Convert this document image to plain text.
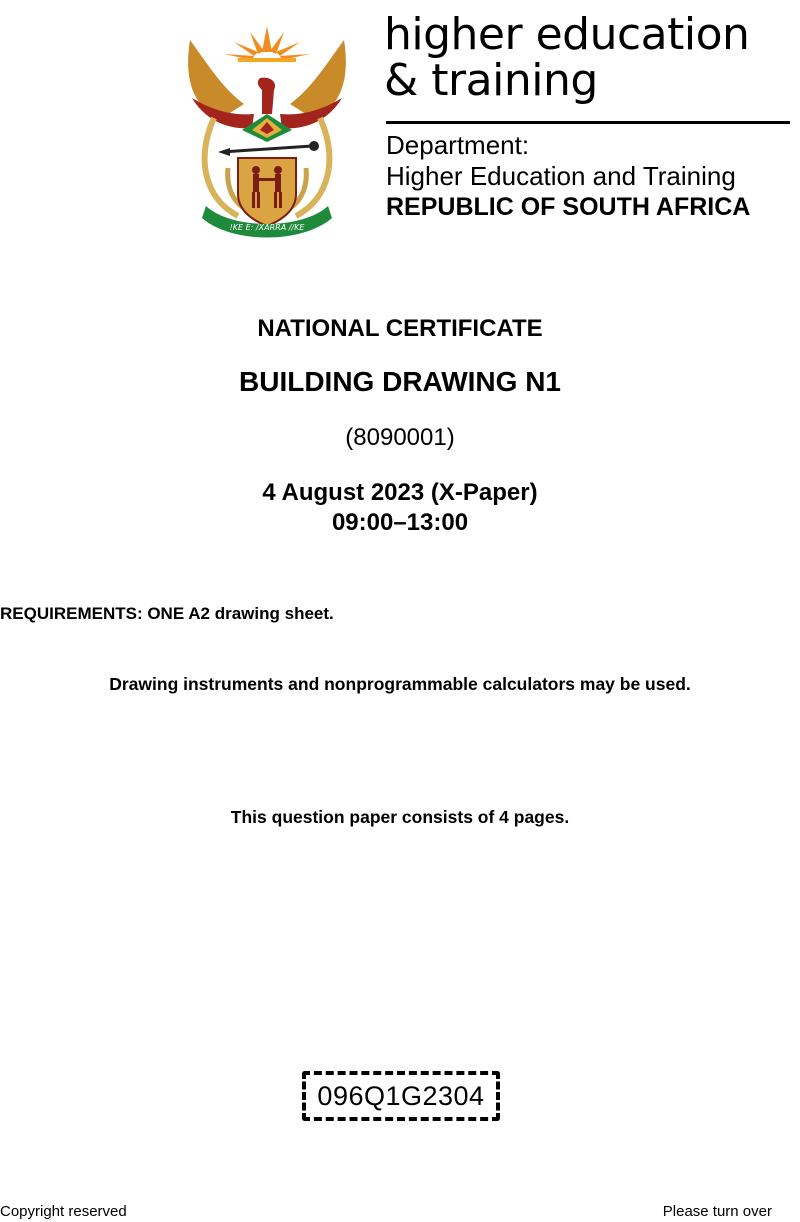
!KE E: /XARRA //KE
higher education
& training
Department:
Higher Education and Training
REPUBLIC OF SOUTH AFRICA
NATIONAL CERTIFICATE
BUILDING DRAWING N1
(8090001)
4 August 2023 (X-Paper)
09:00–13:00
REQUIREMENTS: ONE A2 drawing sheet.
Drawing instruments and nonprogrammable calculators may be used.
This question paper consists of 4 pages.
096Q1G2304
Copyright reserved	Please turn over
